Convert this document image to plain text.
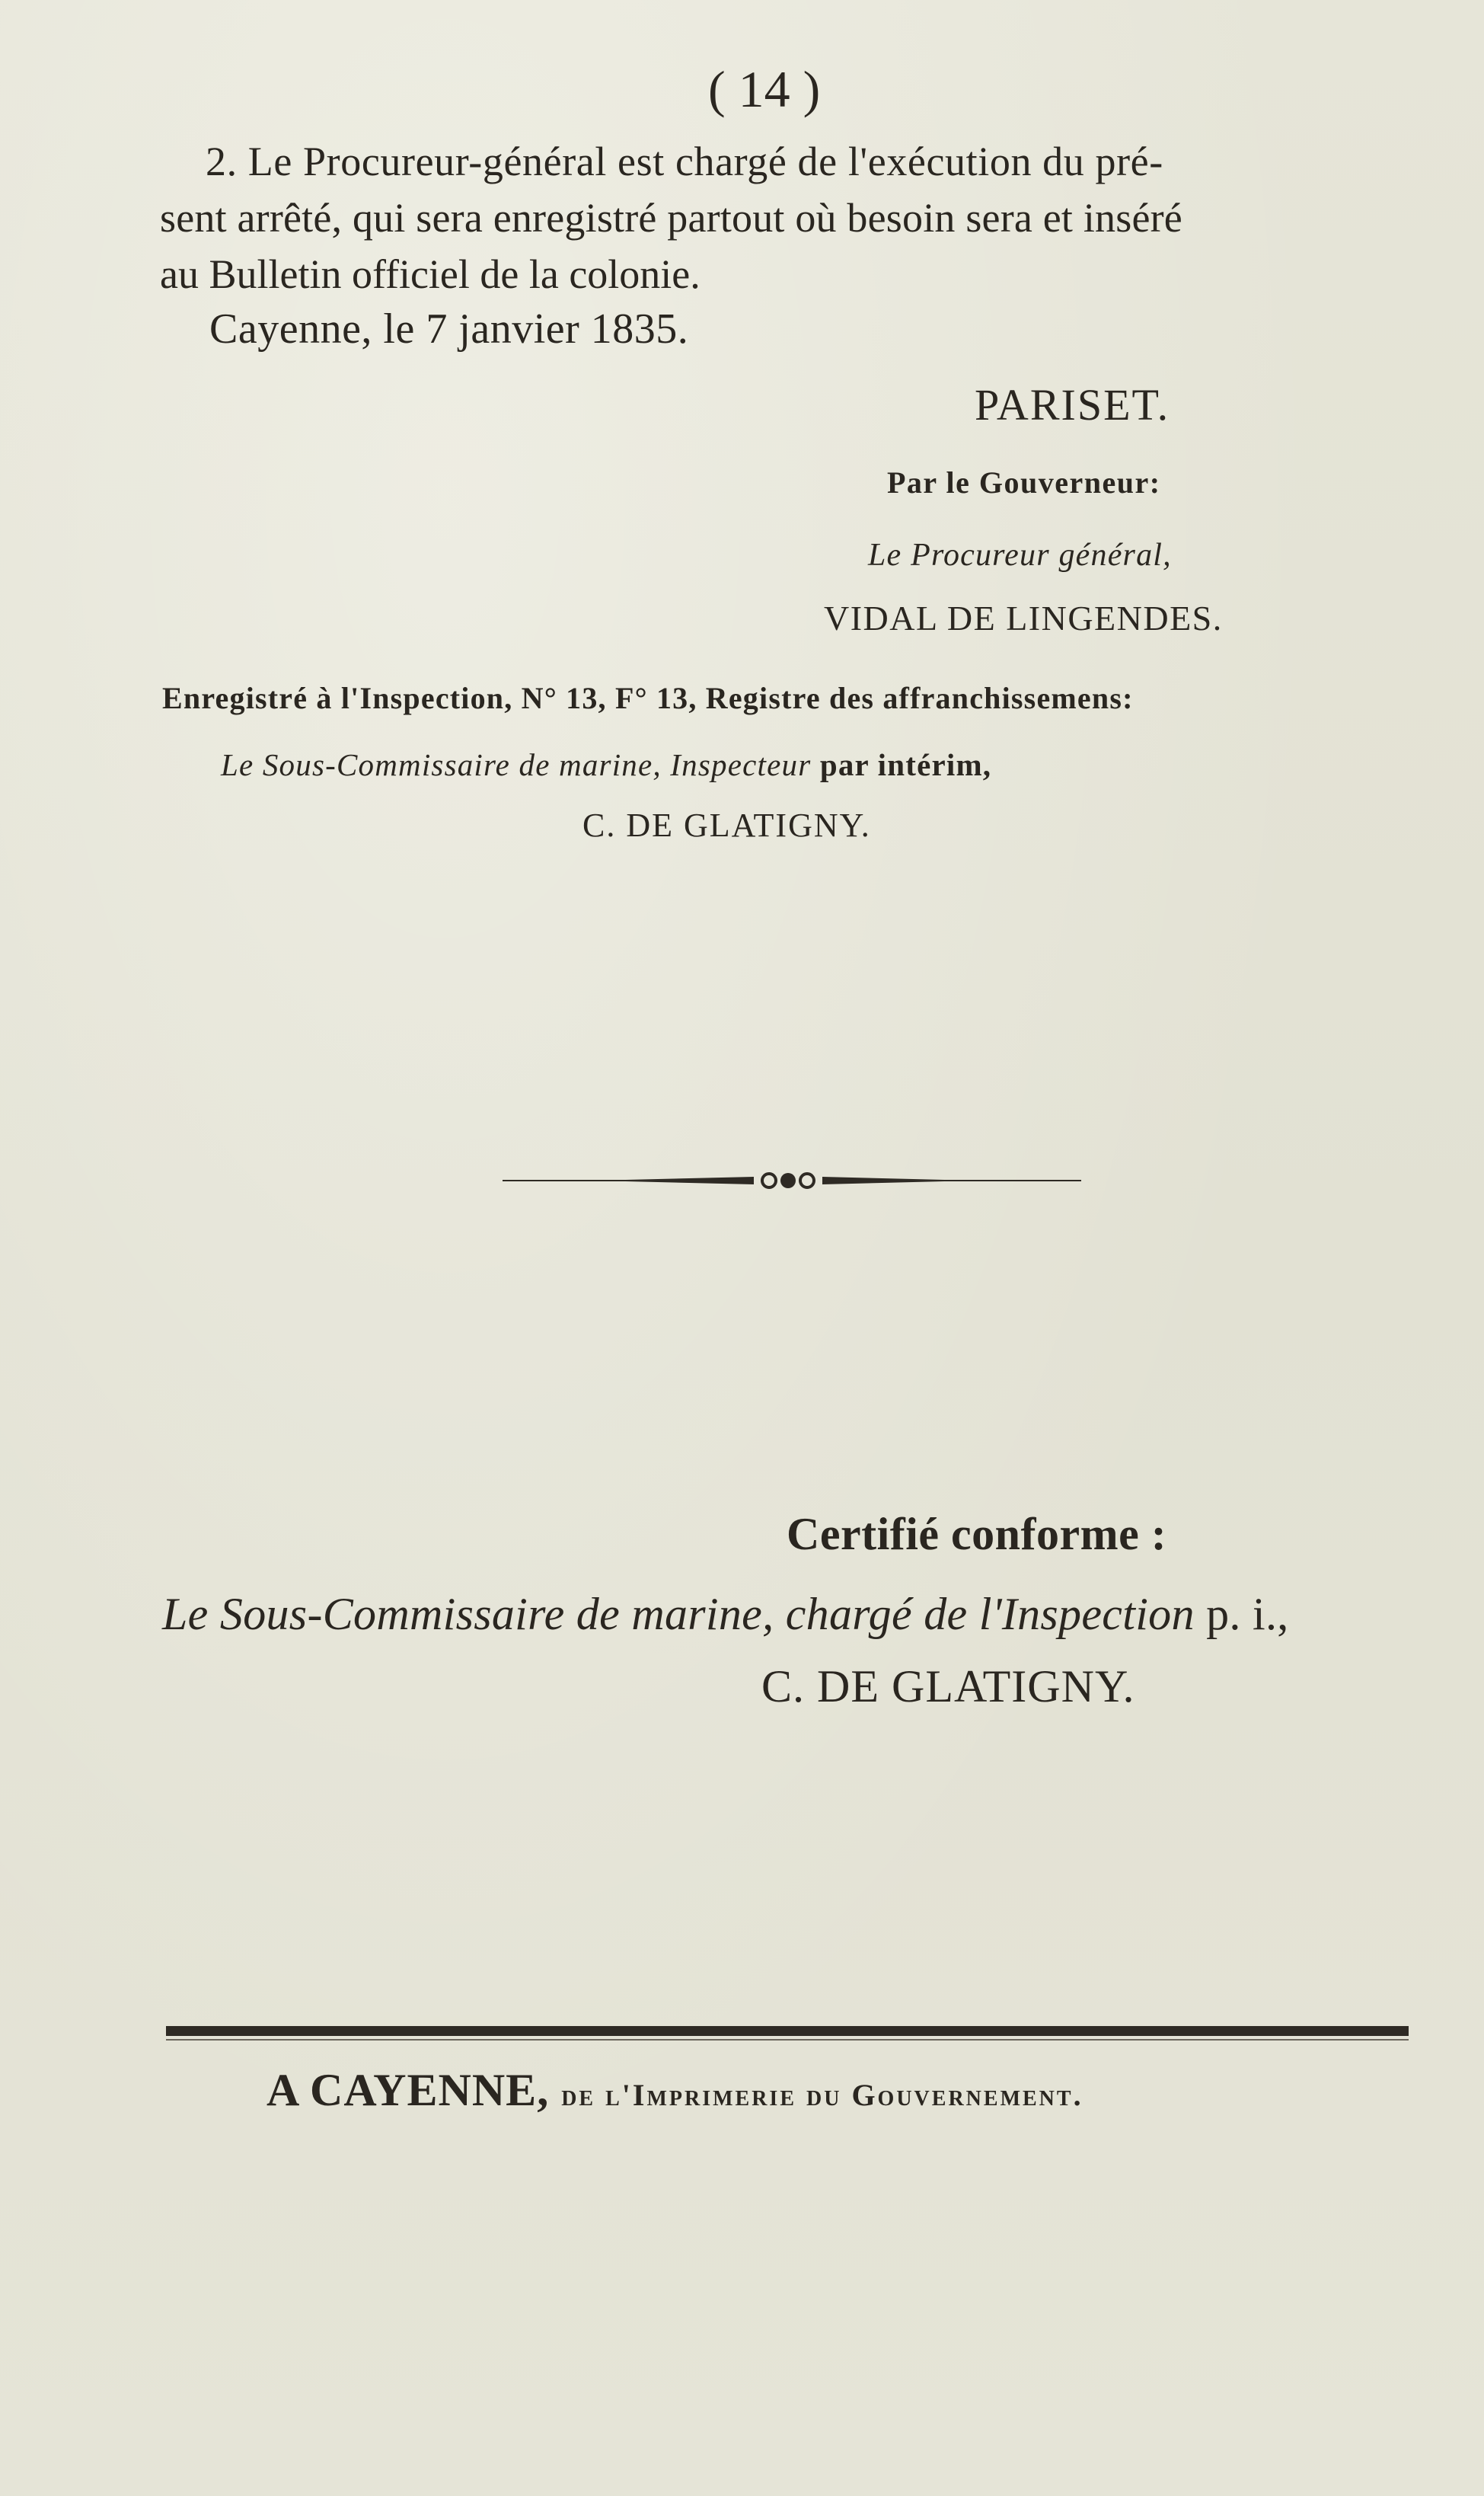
( 14 )
2. Le Procureur-général est chargé de l'exécution du pré-
sent arrêté, qui sera enregistré partout où besoin sera et inséré
au Bulletin officiel de la colonie.
Cayenne, le 7 janvier 1835.
PARISET.
Par le Gouverneur:
Le Procureur général,
VIDAL DE LINGENDES.
Enregistré à l'Inspection, N° 13, F° 13, Registre des affranchissemens:
Le Sous-Commissaire de marine, Inspecteur par intérim,
C. DE GLATIGNY.
Certifié conforme :
Le Sous-Commissaire de marine, chargé de l'Inspection p. i.,
C. DE GLATIGNY.
A CAYENNE, de l'Imprimerie du Gouvernement.
